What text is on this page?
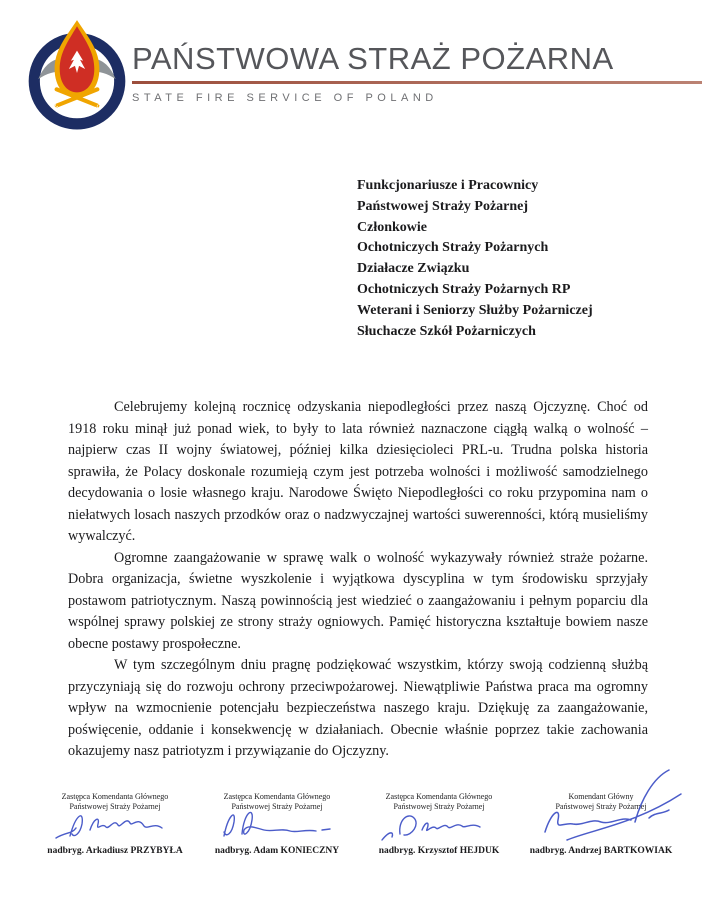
PAŃSTWOWA STRAŻ POŻARNA
PAŃSTWOWA STRAŻ POŻARNA
STATE FIRE SERVICE OF POLAND
Funkcjonariusze i Pracownicy
Państwowej Straży Pożarnej
Członkowie
Ochotniczych Straży Pożarnych
Działacze Związku
Ochotniczych Straży Pożarnych RP
Weterani i Seniorzy Służby Pożarniczej
Słuchacze Szkół Pożarniczych

Celebrujemy kolejną rocznicę odzyskania niepodległości przez naszą Ojczyznę. Choć od 1918 roku minął już ponad wiek, to były to lata również naznaczone ciągłą walką o wolność – najpierw czas II wojny światowej, później kilka dziesięcioleci PRL-u. Trudna polska historia sprawiła, że Polacy doskonale rozumieją czym jest potrzeba wolności i możliwość samodzielnego decydowania o losie własnego kraju. Narodowe Święto Niepodległości co roku przypomina nam o niełatwych losach naszych przodków oraz o nadzwyczajnej wartości suwerenności, którą musieliśmy wywalczyć.

Ogromne zaangażowanie w sprawę walk o wolność wykazywały również straże pożarne. Dobra organizacja, świetne wyszkolenie i wyjątkowa dyscyplina w tym środowisku sprzyjały postawom patriotycznym. Naszą powinnością jest wiedzieć o zaangażowaniu i pełnym poparciu dla wspólnej sprawy polskiej ze strony straży ogniowych. Pamięć historyczna kształtuje bowiem nasze obecne postawy prospołeczne.

W tym szczególnym dniu pragnę podziękować wszystkim, którzy swoją codzienną służbą przyczyniają się do rozwoju ochrony przeciwpożarowej. Niewątpliwie Państwa praca ma ogromny wpływ na wzmocnienie potencjału bezpieczeństwa naszego kraju. Dziękuję za zaangażowanie, poświęcenie, oddanie i konsekwencję w działaniach. Obecnie właśnie poprzez takie zachowania okazujemy nasz patriotyzm i przywiązanie do Ojczyzny.

Zastępca Komendanta Głównego
Państwowej Straży Pożarnej
nadbryg. Arkadiusz PRZYBYŁA
Zastępca Komendanta Głównego
Państwowej Straży Pożarnej
nadbryg. Adam KONIECZNY
Zastępca Komendanta Głównego
Państwowej Straży Pożarnej
nadbryg. Krzysztof HEJDUK
Komendant Główny
Państwowej Straży Pożarnej
nadbryg. Andrzej BARTKOWIAK
